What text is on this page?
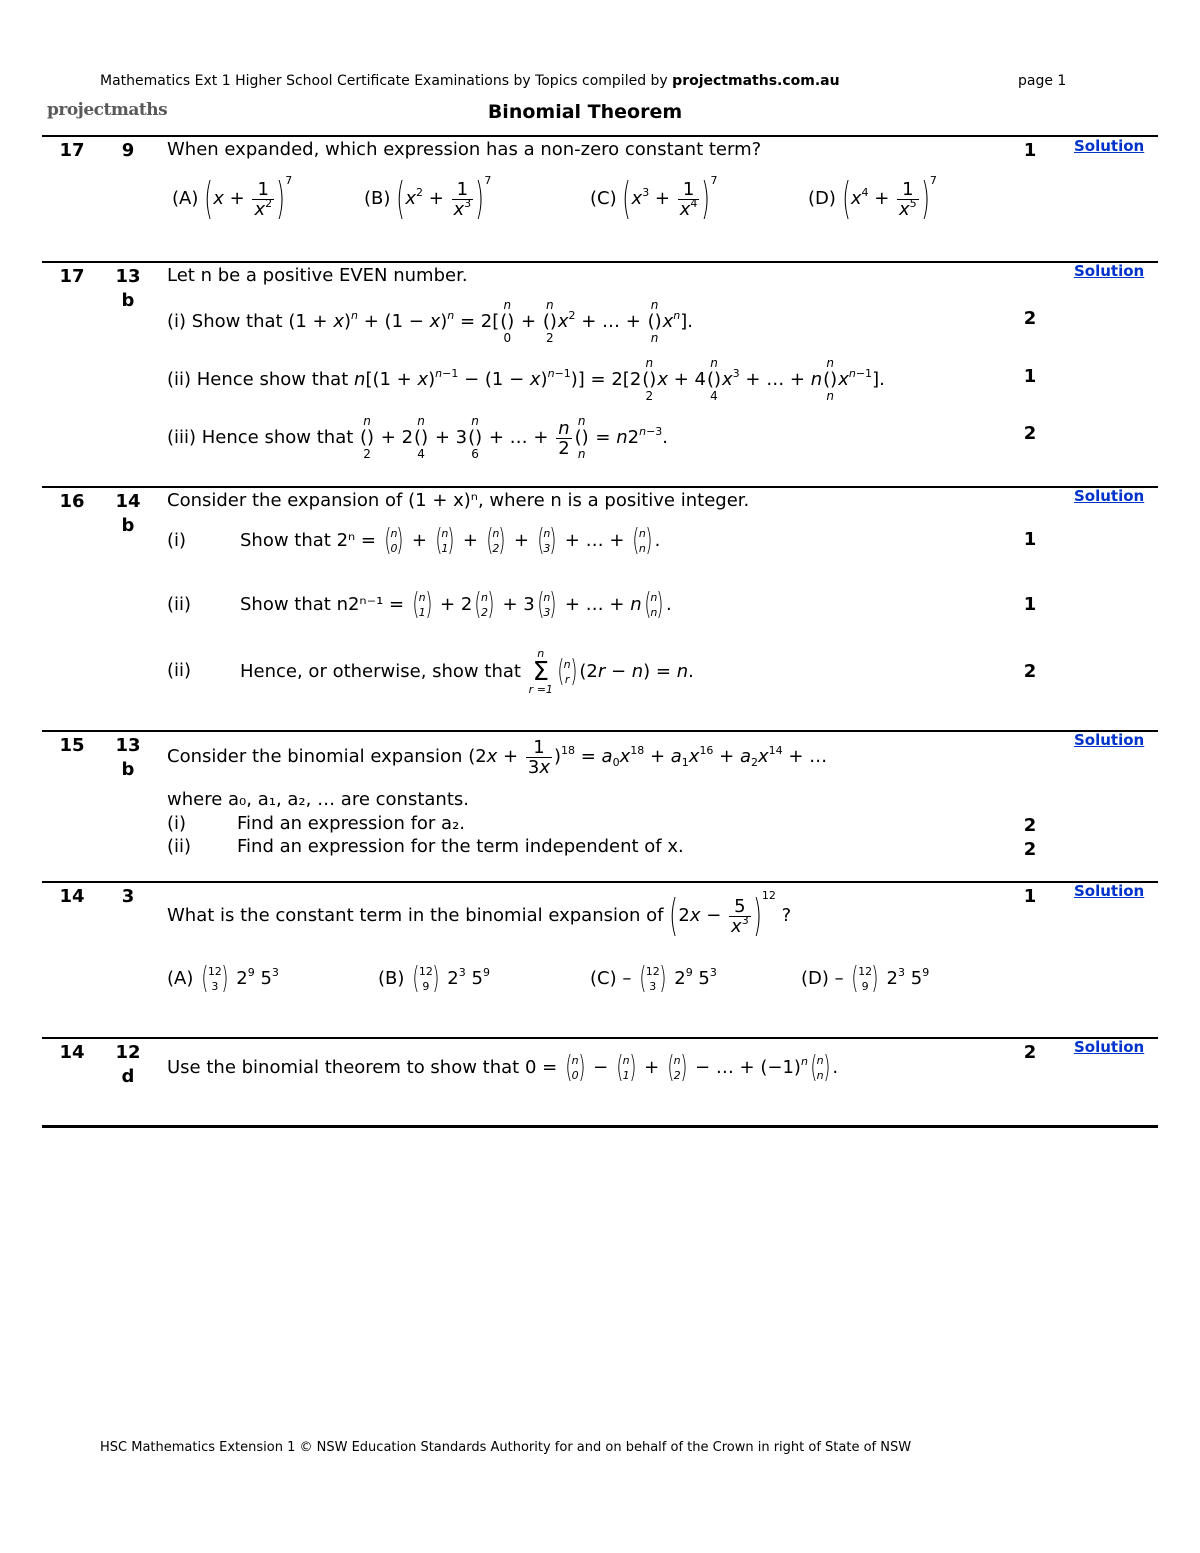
Mathematics Ext 1 Higher School Certificate Examinations by Topics compiled by projectmaths.com.au	page 1
projectmaths	Binomial Theorem
17	9	When expanded, which expression has a non-zero constant term?	1	Solution
(A) $(x + \frac{1}{x^2} )^7$
(B) $(x^2 + \frac{1}{x^3} )^7$
(C) $(x^3 + \frac{1}{x^4} )^7$
(D) $(x^4 + \frac{1}{x^5} )^7$
17	13
b
Let n be a positive EVEN number.	Solution
(i) Show that $(1 + x)^n + (1 - x)^n = 2$[
n
()
0
+
n
()
2
$x^2$ + … +
n
()
n
$x^n$].	2
(ii) Hence show that $n[(1 + x)^{n-1} - (1 - x)^{n-1})] = 2[2$
n
()
2
x + 4
n
()
4
$x^3$ + … + n
n
()
n
$x^{n-1}$].	1
(iii) Hence show that
n
()
2
+ 2
n
()
4
+ 3
n
()
6
+ … + $\frac{n}{2}$ n
()
n
= $n2^{n-3}$.	2
16	14
b
Consider the expansion of (1 + x)ⁿ, where n is a positive integer.	Solution
(i)	Show that 2ⁿ = ( n
0 ) + ( n
1 ) + ( n
2 ) + ( n
3 ) + … + ( n
n ) .	1
(ii)	Show that n2ⁿ⁻¹ = ( n
1 ) + 2 ( n
2 ) + 3 ( n
3 ) + … + n ( n
n ) .	1
(ii)	Hence, or otherwise, show that
n
Σ
r =1
( n
r ) (2r − n) = n.	2
15	13
b
Solution
Consider the binomial expansion $(2x + \frac{1}{3x} )^{18} = a_0x^{18} + a_1x^{16} + a_2x^{14}$ + …
where a₀, a₁, a₂, … are constants.
(i)	Find an expression for a₂.	2
(ii)	Find an expression for the term independent of x.	2
14	3	1	Solution
What is the constant term in the binomial expansion of $(2x - \frac{5}{x^3} )^{12}$ ?
(A) ( 12
3 ) $2^9$ $5^3$	(B) ( 12
9 ) $2^3$ $5^9$	(C) – ( 12
3 ) $2^9$ $5^3$	(D) – ( 12
9 ) $2^3$ $5^9$
14	12
d
2	Solution
Use the binomial theorem to show that 0 = ( n
0 ) − ( n
1 ) + ( n
2 ) − … + $(-1)^n$ ( n
n ) .
HSC Mathematics Extension 1 © NSW Education Standards Authority for and on behalf of the Crown in right of State of NSW
